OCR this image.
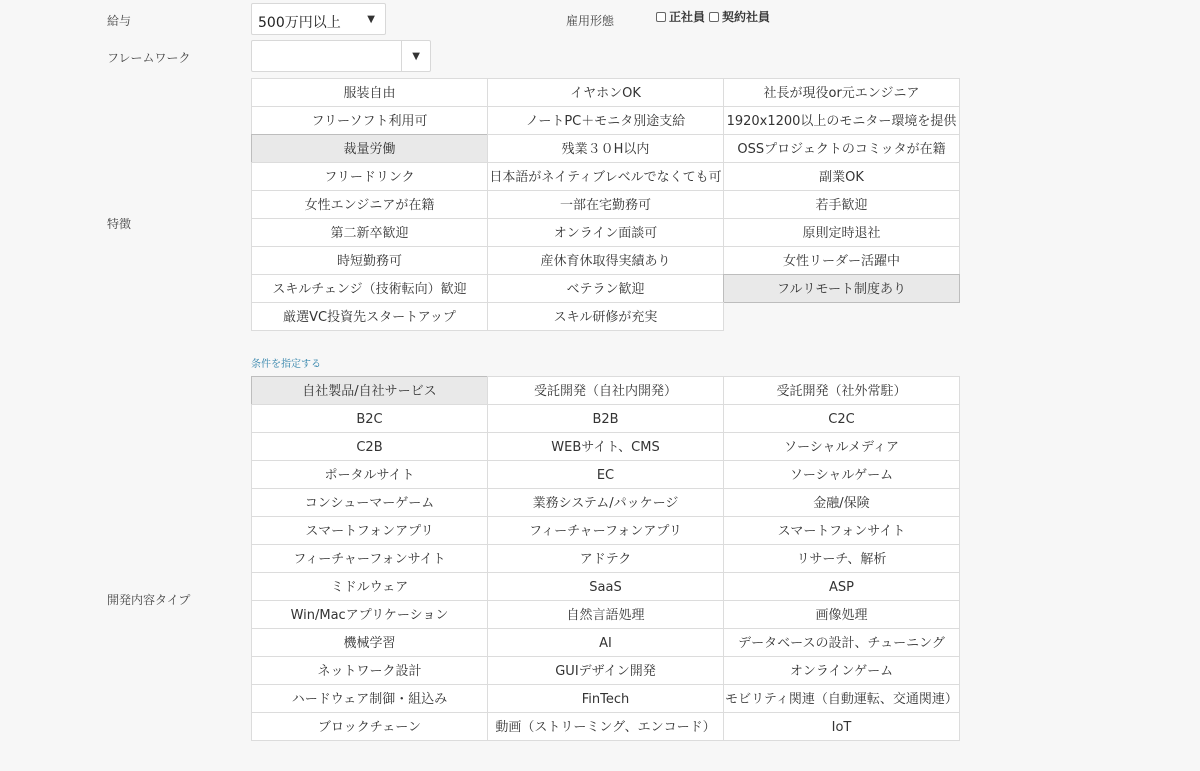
給与	500万円以上	▼	雇用形態	正社員 契約社員
フレームワーク	▼
特徴
服装自由	イヤホンOK	社長が現役or元エンジニア
フリーソフト利用可	ノートPC＋モニタ別途支給	1920x1200以上のモニター環境を提供
裁量労働	残業３０H以内	OSSプロジェクトのコミッタが在籍
フリードリンク	日本語がネイティブレベルでなくても可	副業OK
女性エンジニアが在籍	一部在宅勤務可	若手歓迎
第二新卒歓迎	オンライン面談可	原則定時退社
時短勤務可	産休育休取得実績あり	女性リーダー活躍中
スキルチェンジ（技術転向）歓迎	ベテラン歓迎	フルリモート制度あり
厳選VC投資先スタートアップ	スキル研修が充実
条件を指定する
開発内容タイプ
自社製品/自社サービス	受託開発（自社内開発）	受託開発（社外常駐）
B2C	B2B	C2C
C2B	WEBサイト、CMS	ソーシャルメディア
ポータルサイト	EC	ソーシャルゲーム
コンシューマーゲーム	業務システム/パッケージ	金融/保険
スマートフォンアプリ	フィーチャーフォンアプリ	スマートフォンサイト
フィーチャーフォンサイト	アドテク	リサーチ、解析
ミドルウェア	SaaS	ASP
Win/Macアプリケーション	自然言語処理	画像処理
機械学習	AI	データベースの設計、チューニング
ネットワーク設計	GUIデザイン開発	オンラインゲーム
ハードウェア制御・組込み	FinTech	モビリティ関連（自動運転、交通関連）
ブロックチェーン	動画（ストリーミング、エンコード）	IoT
